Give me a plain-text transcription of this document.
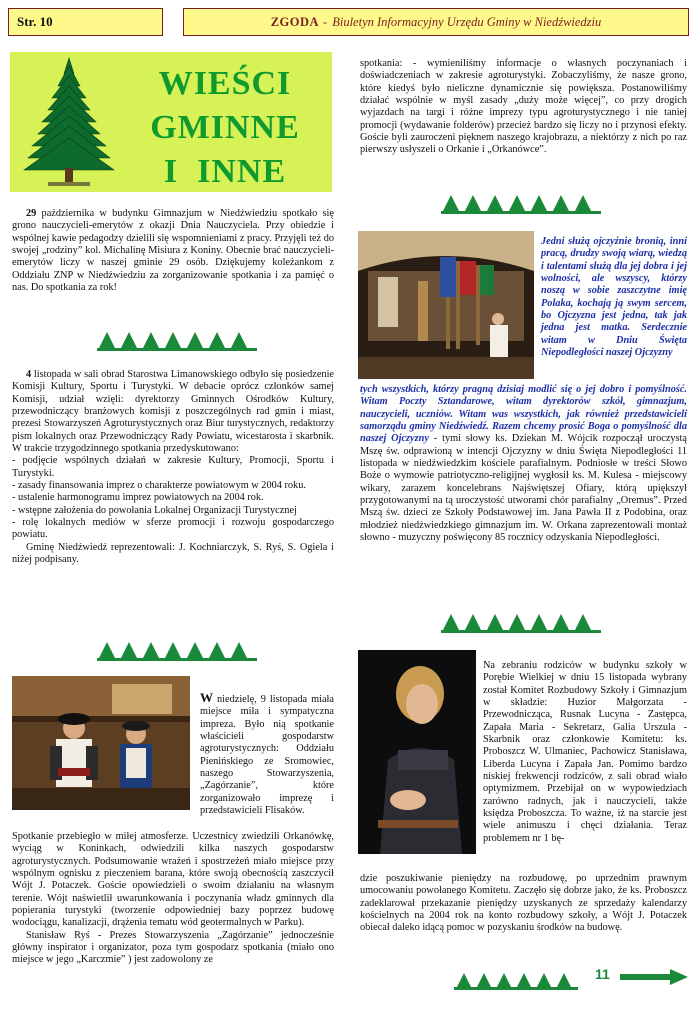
Str. 10	ZGODA - Biuletyn Informacyjny Urzędu Gminy w Niedźwiedziu
WIEŚCI
GMINNE
I  INNE

29 października w budynku Gimnazjum w Niedźwiedziu spotkało się grono nauczycieli-emerytów z okazji Dnia Nauczyciela. Przy obiedzie i wspólnej kawie pedagodzy dzielili się wspomnieniami z pracy. Przyjęli też do swojej „rodziny” kol. Michalinę Misiura z Koniny. Obecnie brać nauczycieli-emerytów liczy w naszej gminie 29 osób. Dziękujemy koleżankom z Oddziału ZNP w Niedźwiedziu za zorganizowanie spotkania i za pamięć o nas. Do spotkania za rok!

4 listopada w sali obrad Starostwa Limanowskiego odbyło się posiedzenie Komisji Kultury, Sportu i Turystyki. W debacie oprócz członków samej Komisji, udział wzięli: dyrektorzy Gminnych Ośrodków Kultury, przewodniczący branżowych komisji z poszczególnych rad gmin i miast, prezesi Stowarzyszeń Agroturystycznych oraz Biur turystycznych, redaktorzy pism lokalnych oraz Przewodniczący Rady Powiatu, wicestarosta i skarbnik. W trakcie trzygodzinnego spotkania przedyskutowano:

- podjęcie wspólnych działań w zakresie Kultury, Promocji, Sportu i Turystyki.

- zasady finansowania imprez o charakterze powiatowym w 2004 roku.

- ustalenie harmonogramu imprez powiatowych na 2004 rok.

- wstępne założenia do powołania Lokalnej Organizacji Turystycznej

- rolę lokalnych mediów w sferze promocji i rozwoju gospodarczego powiatu.

Gminę Niedźwiedź reprezentowali: J. Kochniarczyk, S. Ryś, S. Ogiela i niżej podpisany.

W niedzielę, 9 listopada miała miejsce miła i sympatyczna impreza. Było nią spotkanie właścicieli gospodarstw agroturystycznych: Oddziału Pienińskiego ze Sromowiec, naszego Stowarzyszenia, „Zagórzanie”, które zorganizowało imprezę i przedstawicieli Flisaków.

Spotkanie przebiegło w miłej atmosferze. Uczestnicy zwiedzili Orkanówkę, wyciąg w Koninkach, odwiedzili kilka naszych gospodarstw agroturystycznych. Podsumowanie wrażeń i spostrzeżeń miało miejsce przy wspólnym ognisku z pieczeniem barana, które swoją obecnością zaszczycił Wójt J. Potaczek. Goście opowiedzieli o swoim działaniu na własnym terenie. Wójt naświetlił uwarunkowania i poczynania władz gminnych dla popierania turystyki (tworzenie odpowiedniej bazy poprzez budowę wodociągu, kanalizacji, drążenia tematu wód geotermalnych w Parku).

Stanisław Ryś - Prezes Stowarzyszenia „Zagórzanie” jednocześnie główny inspirator i organizator, poza tym gospodarz spotkania (miało ono miejsce w jego „Karczmie” ) jest zadowolony ze

spotkania: - wymieniliśmy informacje o własnych poczynaniach i doświadczeniach w zakresie agroturystyki. Zobaczyliśmy, że nasze grono, które kiedyś było nieliczne dynamicznie się powiększa. Postanowiliśmy działać wspólnie w myśl zasady „duży może więcej”, co przy drogich wyjazdach na targi i różne imprezy typu agroturystycznego i nie taniej promocji (wydawanie folderów) przecież bardzo się liczy no i przynosi efekty. Goście byli zauroczeni pięknem naszego krajobrazu, a niektórzy z nich po raz pierwszy usłyszeli o Orkanie i „Orkanówce”.

Jedni służą ojczyźnie bronią, inni pracą, drudzy swoją wiarą, wiedzą i talentami służą dla jej dobra i jej wolności, ale wszyscy, którzy noszą w sobie zaszczytne imię Polaka, kochają ją swym sercem, bo Ojczyzna jest jedna, tak jak jedna jest matka. Serdecznie witam w Dniu Święta Niepodległości naszej Ojczyzny

tych wszystkich, którzy pragną dzisiaj modlić się o jej dobro i pomyślność. Witam Poczty Sztandarowe, witam dyrektorów szkół, gimnazjum, nauczycieli, uczniów. Witam was wszystkich, jak również przedstawicieli samorządu gminy Niedźwiedź. Razem chcemy prosić Boga o pomyślność dla naszej Ojczyzny - tymi słowy ks. Dziekan M. Wójcik rozpoczął uroczystą Mszę św. odprawioną w intencji Ojczyzny w dniu Święta Niepodległości 11 listopada w niedźwiedzkim kościele parafialnym. Podniosłe w treści Słowo Boże o wymowie patriotyczno-religijnej wygłosił ks. M. Kulesa - miejscowy wikary, zarazem koncelebrans Najświętszej Ofiary, którą upiększył przygotowanymi na tą uroczystość utworami chór parafialny „Oremus”. Przed Mszą św. dzieci ze Szkoły Podstawowej im. Jana Pawła II z Podobina, oraz młodzież niedźwiedzkiego gimnazjum im. W. Orkana zaprezentowali montaż słowno - muzyczny poświęcony 85 rocznicy odzyskania Niepodległości.

Na zebraniu rodziców w budynku szkoły w Porębie Wielkiej w dniu 15 listopada wybrany został Komitet Rozbudowy Szkoły i Gimnazjum w składzie: Huzior Małgorzata - Przewodnicząca, Rusnak Lucyna - Zastępca, Zapała Maria - Sekretarz, Galia Urszula - Skarbnik oraz członkowie Komitetu: ks. Proboszcz W. Ulmaniec, Pachowicz Stanisława, Liberda Lucyna i Zapała Jan. Pomimo bardzo niskiej frekwencji rodziców, z sali obrad wiało optymizmem. Przebijał on w wypowiedziach zarówno radnych, jak i nauczycieli, także księdza Proboszcza. To ważne, iż na starcie jest wiele animuszu i chęci działania. Teraz problemem nr 1 bę-

dzie poszukiwanie pieniędzy na rozbudowę, po uprzednim prawnym umocowaniu powołanego Komitetu. Zaczęło się dobrze jako, że ks. Proboszcz zadeklarował przekazanie pieniędzy uzyskanych ze sprzedaży kalendarzy kościelnych na 2004 rok na konto rozbudowy szkoły, a Wójt J. Potaczek obiecał daleko idącą pomoc w pozyskaniu środków na budowę.

11
